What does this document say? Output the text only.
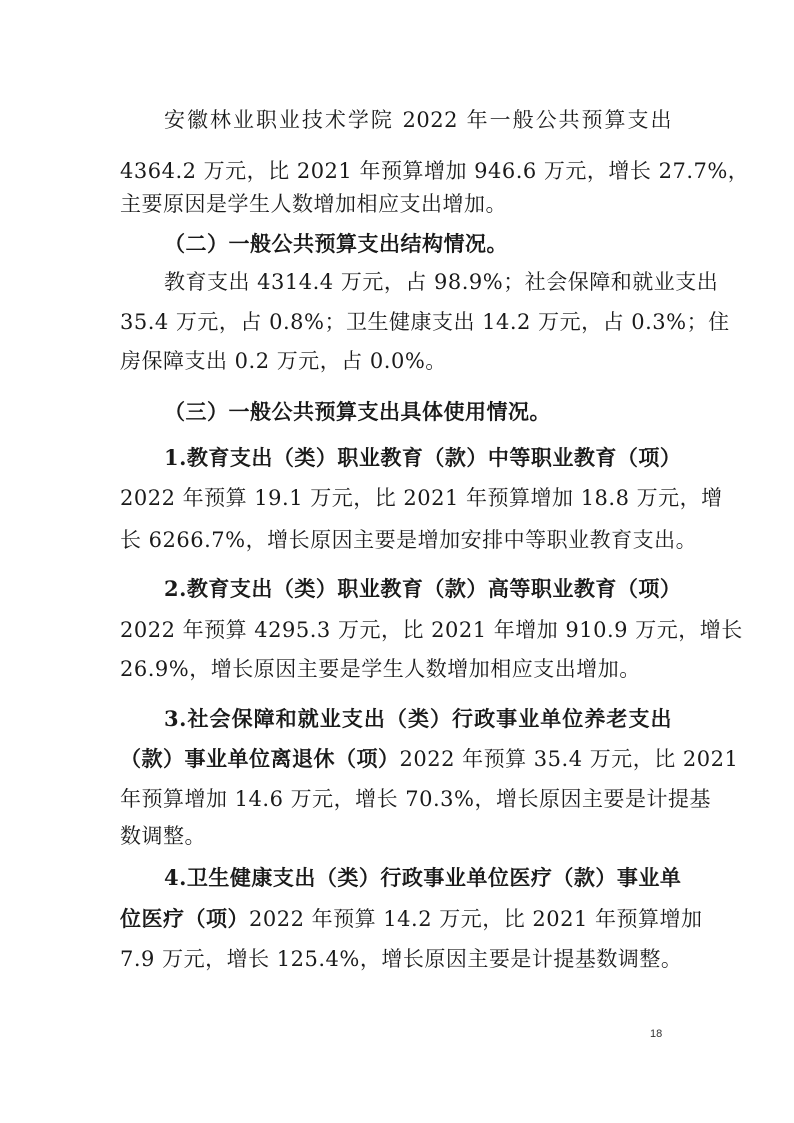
安徽林业职业技术学院 2022 年一般公共预算支出
4364.2 万元，比 2021 年预算增加 946.6 万元，增长 27.7%，
主要原因是学生人数增加相应支出增加。
（二）一般公共预算支出结构情况。
教育支出 4314.4 万元，占 98.9%；社会保障和就业支出
35.4 万元，占 0.8%；卫生健康支出 14.2 万元，占 0.3%；住
房保障支出 0.2 万元，占 0.0%。
（三）一般公共预算支出具体使用情况。
1.教育支出（类）职业教育（款）中等职业教育（项）
2022 年预算 19.1 万元，比 2021 年预算增加 18.8 万元，增
长 6266.7%，增长原因主要是增加安排中等职业教育支出。
2.教育支出（类）职业教育（款）高等职业教育（项）
2022 年预算 4295.3 万元，比 2021 年增加 910.9 万元，增长
26.9%，增长原因主要是学生人数增加相应支出增加。
3.社会保障和就业支出（类）行政事业单位养老支出
（款）事业单位离退休（项）2022 年预算 35.4 万元，比 2021
年预算增加 14.6 万元，增长 70.3%，增长原因主要是计提基
数调整。
4.卫生健康支出（类）行政事业单位医疗（款）事业单
位医疗（项）2022 年预算 14.2 万元，比 2021 年预算增加
7.9 万元，增长 125.4%，增长原因主要是计提基数调整。
18
